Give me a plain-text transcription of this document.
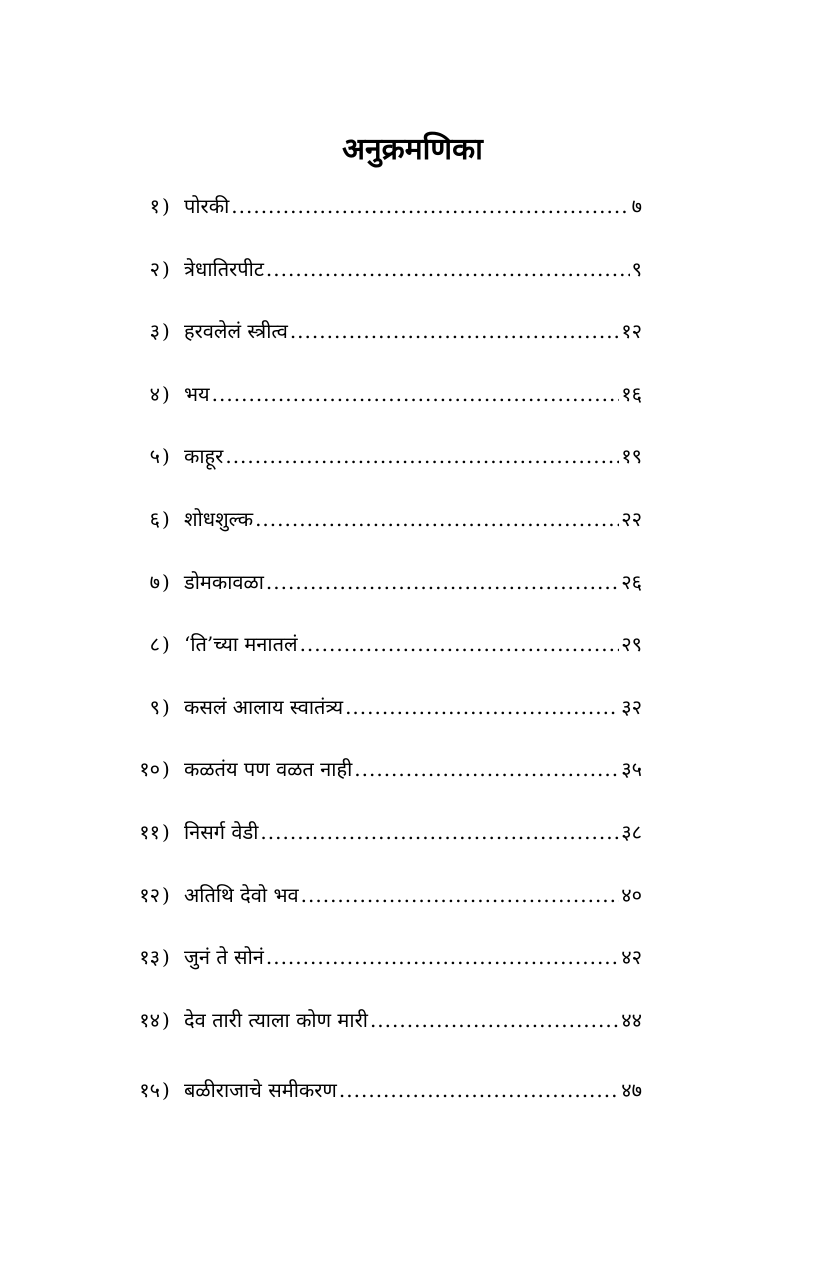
अनुक्रमणिका
१ ) पोरकी .....	७
२ ) त्रेधातिरपीट .....	९
३ ) हरवलेलं स्त्रीत्व .....	१२
४ ) भय .....	१६
५ ) काहूर .....	१९
६ ) शोधशुल्क .....	२२
७ ) डोमकावळा .....	२६
८ ) ‘ति’च्या मनातलं .....	२९
९ ) कसलं आलाय स्वातंत्र्य .....	३२
१० ) कळतंय पण वळत नाही .....	३५
११ ) निसर्ग वेडी .....	३८
१२ ) अतिथि देवो भव .....	४०
१३ ) जुनं ते सोनं .....	४२
१४ ) देव तारी त्याला कोण मारी .....	४४
१५ ) बळीराजाचे समीकरण .....	४७
